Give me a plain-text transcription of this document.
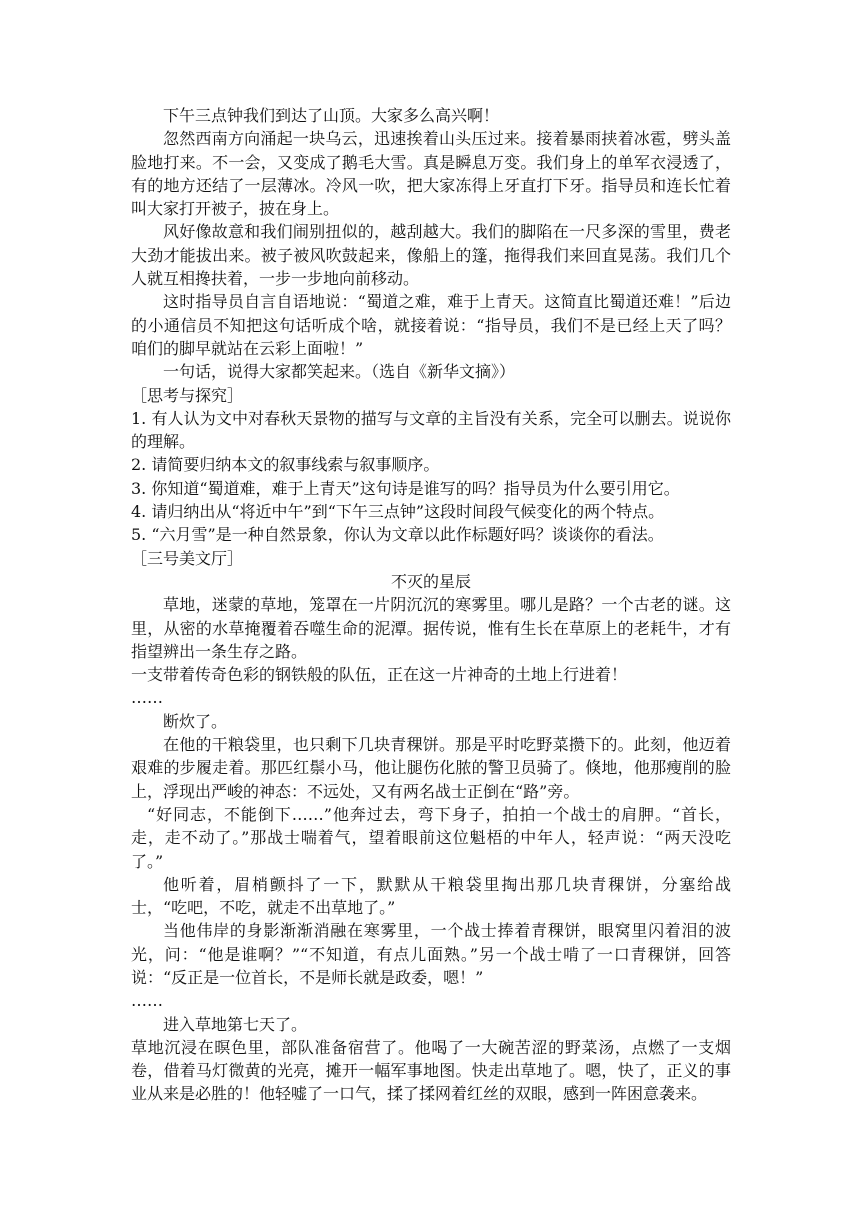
下午三点钟我们到达了山顶。大家多么高兴啊！

忽然西南方向涌起一块乌云，迅速挨着山头压过来。接着暴雨挟着冰雹，劈头盖脸地打来。不一会，又变成了鹅毛大雪。真是瞬息万变。我们身上的单军衣浸透了，有的地方还结了一层薄冰。冷风一吹，把大家冻得上牙直打下牙。指导员和连长忙着叫大家打开被子，披在身上。

风好像故意和我们闹别扭似的，越刮越大。我们的脚陷在一尺多深的雪里，费老大劲才能拔出来。被子被风吹鼓起来，像船上的篷，拖得我们来回直晃荡。我们几个人就互相搀扶着，一步一步地向前移动。

这时指导员自言自语地说：“蜀道之难，难于上青天。这简直比蜀道还难！”后边的小通信员不知把这句话听成个啥，就接着说：“指导员，我们不是已经上天了吗？咱们的脚早就站在云彩上面啦！”

一句话，说得大家都笑起来。（选自《新华文摘》）

［思考与探究］

1. 有人认为文中对春秋天景物的描写与文章的主旨没有关系，完全可以删去。说说你的理解。

2. 请简要归纳本文的叙事线索与叙事顺序。

3. 你知道“蜀道难，难于上青天”这句诗是谁写的吗？指导员为什么要引用它。

4. 请归纳出从“将近中午”到“下午三点钟”这段时间段气候变化的两个特点。

5. “六月雪”是一种自然景象，你认为文章以此作标题好吗？谈谈你的看法。

［三号美文厅］

不灭的星辰

草地，迷蒙的草地，笼罩在一片阴沉沉的寒雾里。哪儿是路？一个古老的谜。这里，从密的水草掩覆着吞噬生命的泥潭。据传说，惟有生长在草原上的老耗牛，才有指望辨出一条生存之路。

一支带着传奇色彩的钢铁般的队伍，正在这一片神奇的土地上行进着！

……

断炊了。

在他的干粮袋里，也只剩下几块青稞饼。那是平时吃野菜攒下的。此刻，他迈着艰难的步履走着。那匹红鬃小马，他让腿伤化脓的警卫员骑了。倏地，他那瘦削的脸上，浮现出严峻的神态：不远处，又有两名战士正倒在“路”旁。

“好同志，不能倒下……”他奔过去，弯下身子，拍拍一个战士的肩胛。“首长，走，走不动了。”那战士喘着气，望着眼前这位魁梧的中年人，轻声说：“两天没吃了。”

他听着，眉梢颤抖了一下，默默从干粮袋里掏出那几块青稞饼，分塞给战士，“吃吧，不吃，就走不出草地了。”

当他伟岸的身影渐渐消融在寒雾里，一个战士捧着青稞饼，眼窝里闪着泪的波光，问：“他是谁啊？”“不知道，有点儿面熟。”另一个战士啃了一口青稞饼，回答说：“反正是一位首长，不是师长就是政委，嗯！”

……

进入草地第七天了。

草地沉浸在暝色里，部队准备宿营了。他喝了一大碗苦涩的野菜汤，点燃了一支烟卷，借着马灯微黄的光亮，摊开一幅军事地图。快走出草地了。嗯，快了，正义的事业从来是必胜的！他轻嘘了一口气，揉了揉网着红丝的双眼，感到一阵困意袭来。
